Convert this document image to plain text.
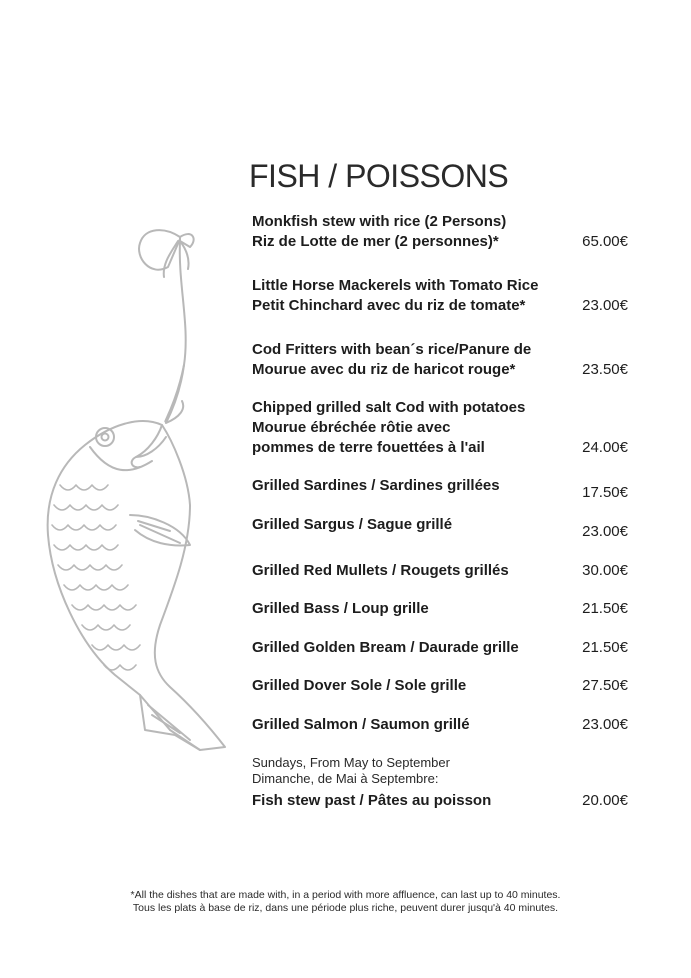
FISH / POISSONS
Monkfish stew with rice (2 Persons)
Riz de Lotte de mer (2 personnes)*	65.00€
Little Horse Mackerels with Tomato Rice
Petit Chinchard avec du riz de tomate*	23.00€
Cod Fritters with bean´s rice/Panure de
Mourue avec du riz de haricot rouge*	23.50€
Chipped grilled salt Cod with potatoes
Mourue ébréchée rôtie avec
pommes de terre fouettées à l'ail	24.00€
Grilled Sardines / Sardines grillées	17.50€
Grilled Sargus / Sague grillé	23.00€
Grilled Red Mullets / Rougets grillés	30.00€
Grilled Bass / Loup grille	21.50€
Grilled Golden Bream / Daurade grille	21.50€
Grilled Dover Sole / Sole grille	27.50€
Grilled Salmon / Saumon grillé	23.00€
Sundays, From May to September
Dimanche, de Mai à Septembre:
Fish stew past / Pâtes au poisson	20.00€
*All the dishes that are made with, in a period with more affluence, can last up to 40 minutes.
Tous les plats à base de riz, dans une période plus riche, peuvent durer jusqu'à 40 minutes.
